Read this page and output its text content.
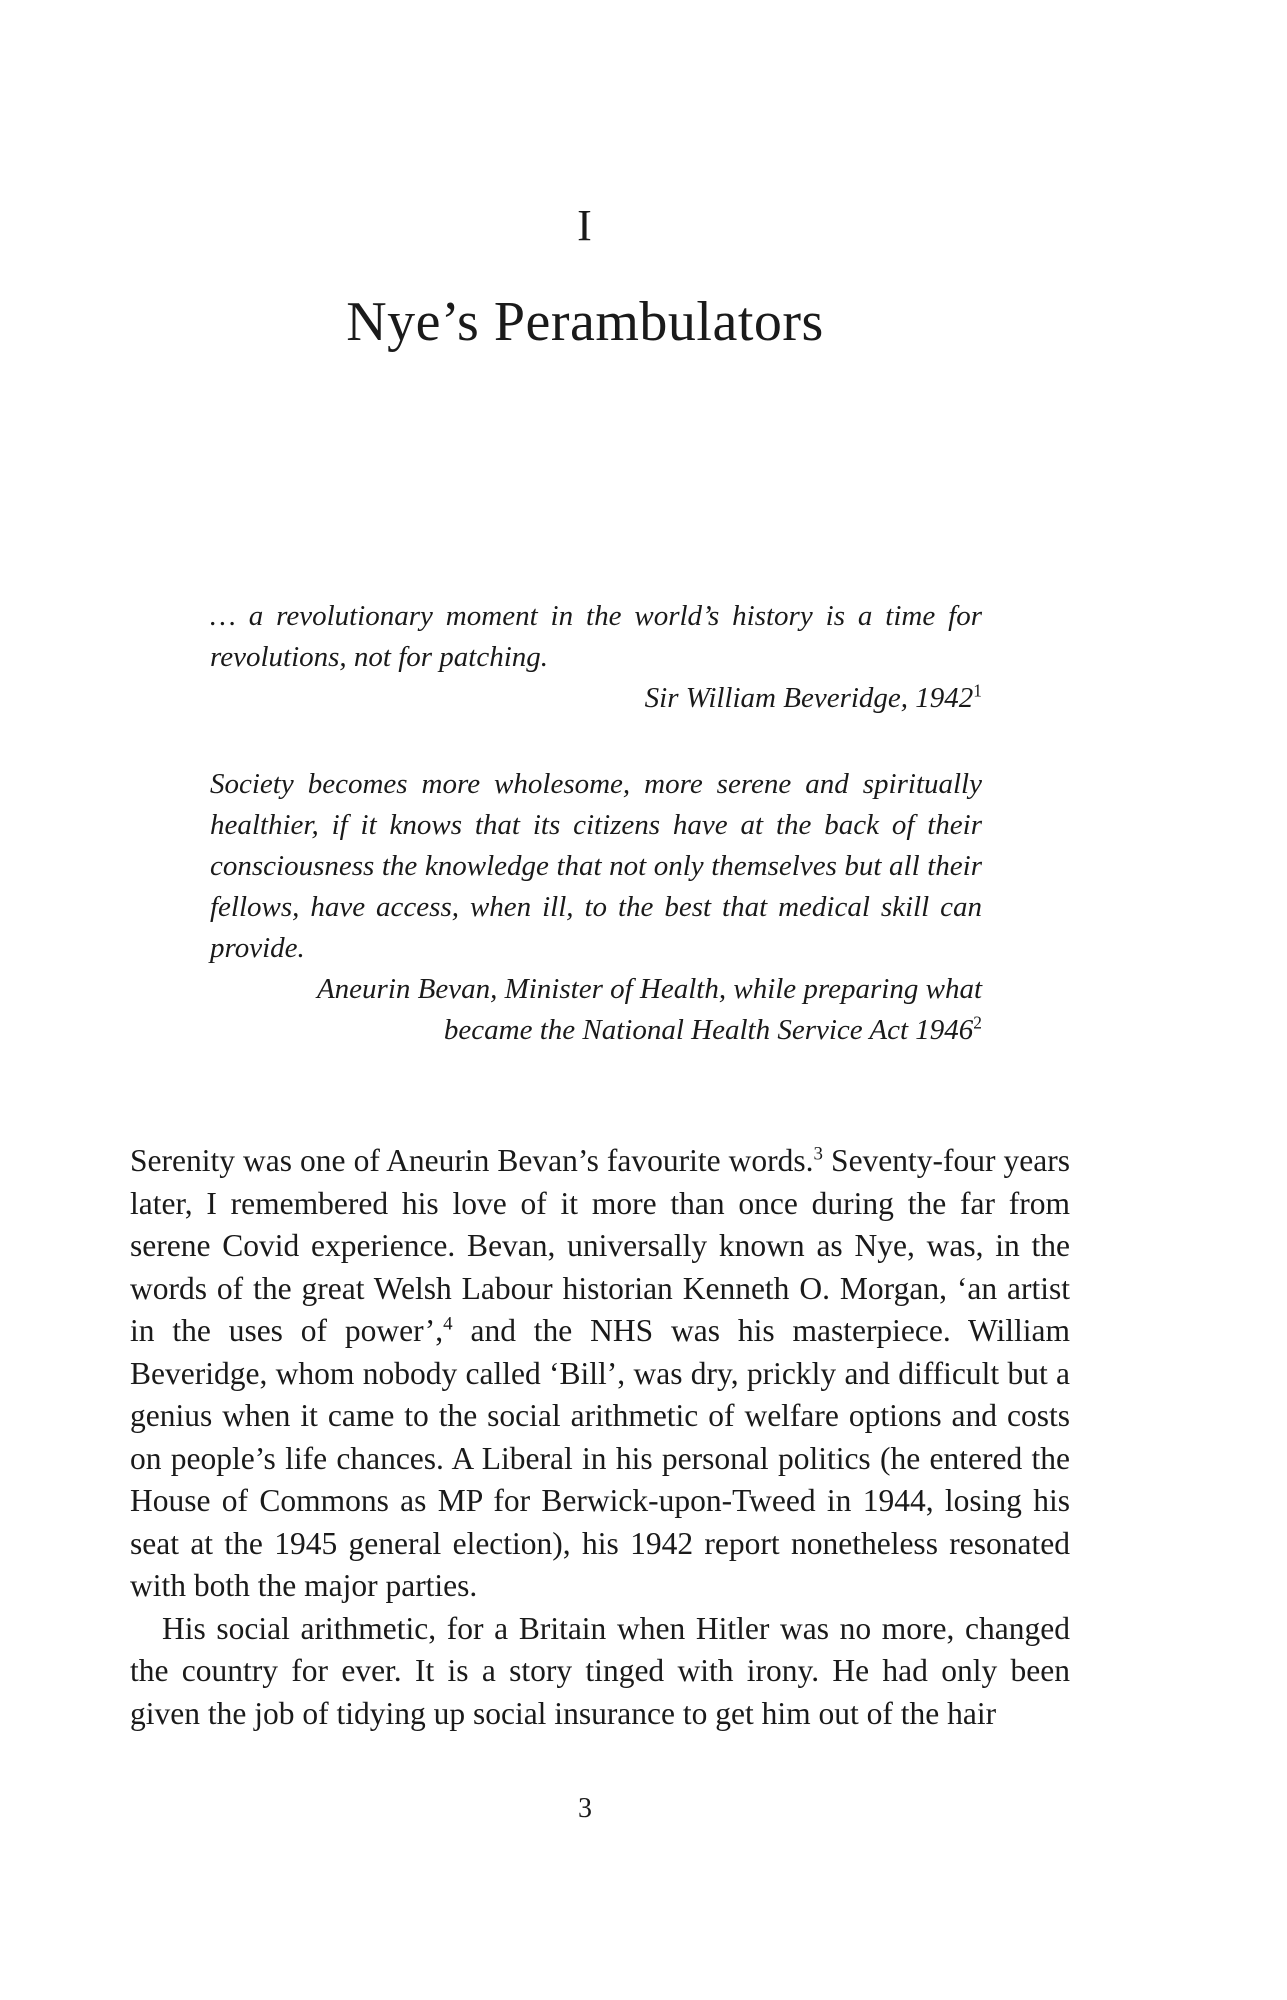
I
Nye’s Perambulators

… a revolutionary moment in the world’s history is a time for revolutions, not for patching.

Sir William Beveridge, 1942$^1$

Society becomes more wholesome, more serene and spiritually healthier, if it knows that its citizens have at the back of their consciousness the knowledge that not only themselves but all their fellows, have access, when ill, to the best that medical skill can provide.

Aneurin Bevan, Minister of Health, while preparing what

became the National Health Service Act 1946$^2$

Serenity was one of Aneurin Bevan’s favourite words.$^3$ Seventy-four years later, I remembered his love of it more than once during the far from serene Covid experience. Bevan, universally known as Nye, was, in the words of the great Welsh Labour historian Kenneth O. Morgan, ‘an artist in the uses of power’,$^4$ and the NHS was his masterpiece. William Beveridge, whom nobody called ‘Bill’, was dry, prickly and difficult but a genius when it came to the social arithmetic of welfare options and costs on people’s life chances. A Liberal in his personal politics (he entered the House of Commons as MP for Berwick-upon-Tweed in 1944, losing his seat at the 1945 general election), his 1942 report nonetheless resonated with both the major parties.

His social arithmetic, for a Britain when Hitler was no more, changed the country for ever. It is a story tinged with irony. He had only been given the job of tidying up social insurance to get him out of the hair

3
